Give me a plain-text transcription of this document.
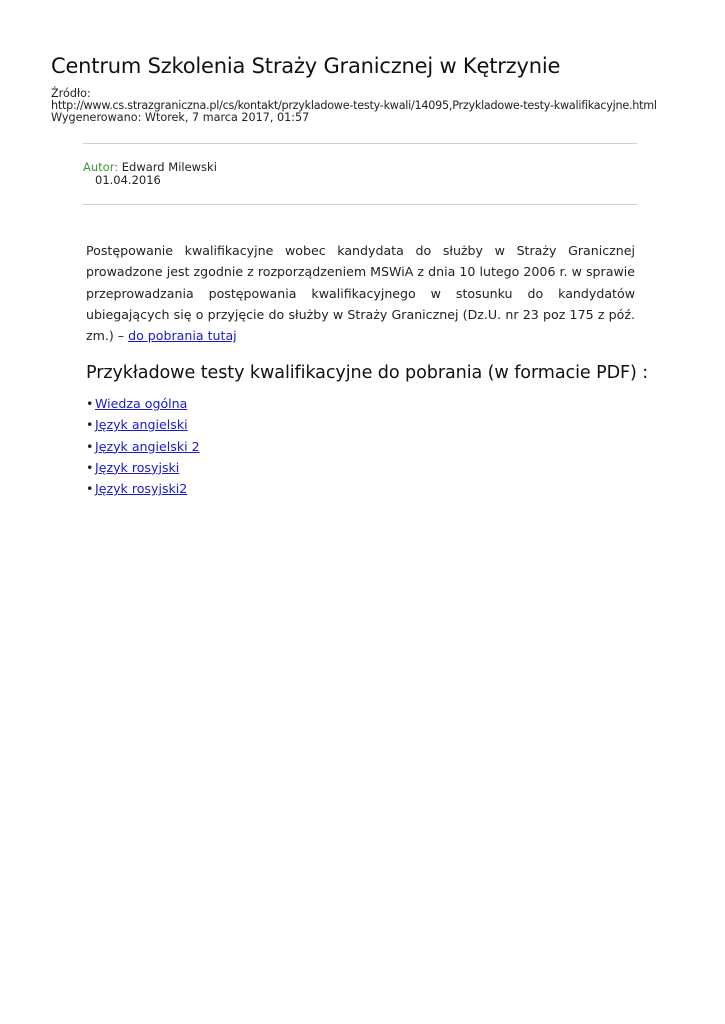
Centrum Szkolenia Straży Granicznej w Kętrzynie
Źródło:
http://www.cs.strazgraniczna.pl/cs/kontakt/przykladowe-testy-kwali/14095,Przykladowe-testy-kwalifikacyjne.html
Wygenerowano: Wtorek, 7 marca 2017, 01:57
Autor: Edward Milewski
01.04.2016

Postępowanie kwalifikacyjne wobec kandydata do służby w Straży Granicznej prowadzone jest zgodnie z rozporządzeniem MSWiA z dnia 10 lutego 2006 r. w sprawie przeprowadzania postępowania kwalifikacyjnego w stosunku do kandydatów ubiegających się o przyjęcie do służby w Straży Granicznej (Dz.U. nr 23 poz 175 z póź. zm.) – do pobrania tutaj

Przykładowe testy kwalifikacyjne do pobrania (w formacie PDF) :
• Wiedza ogólna
• Język angielski
• Język angielski 2
• Język rosyjski
• Język rosyjski2
